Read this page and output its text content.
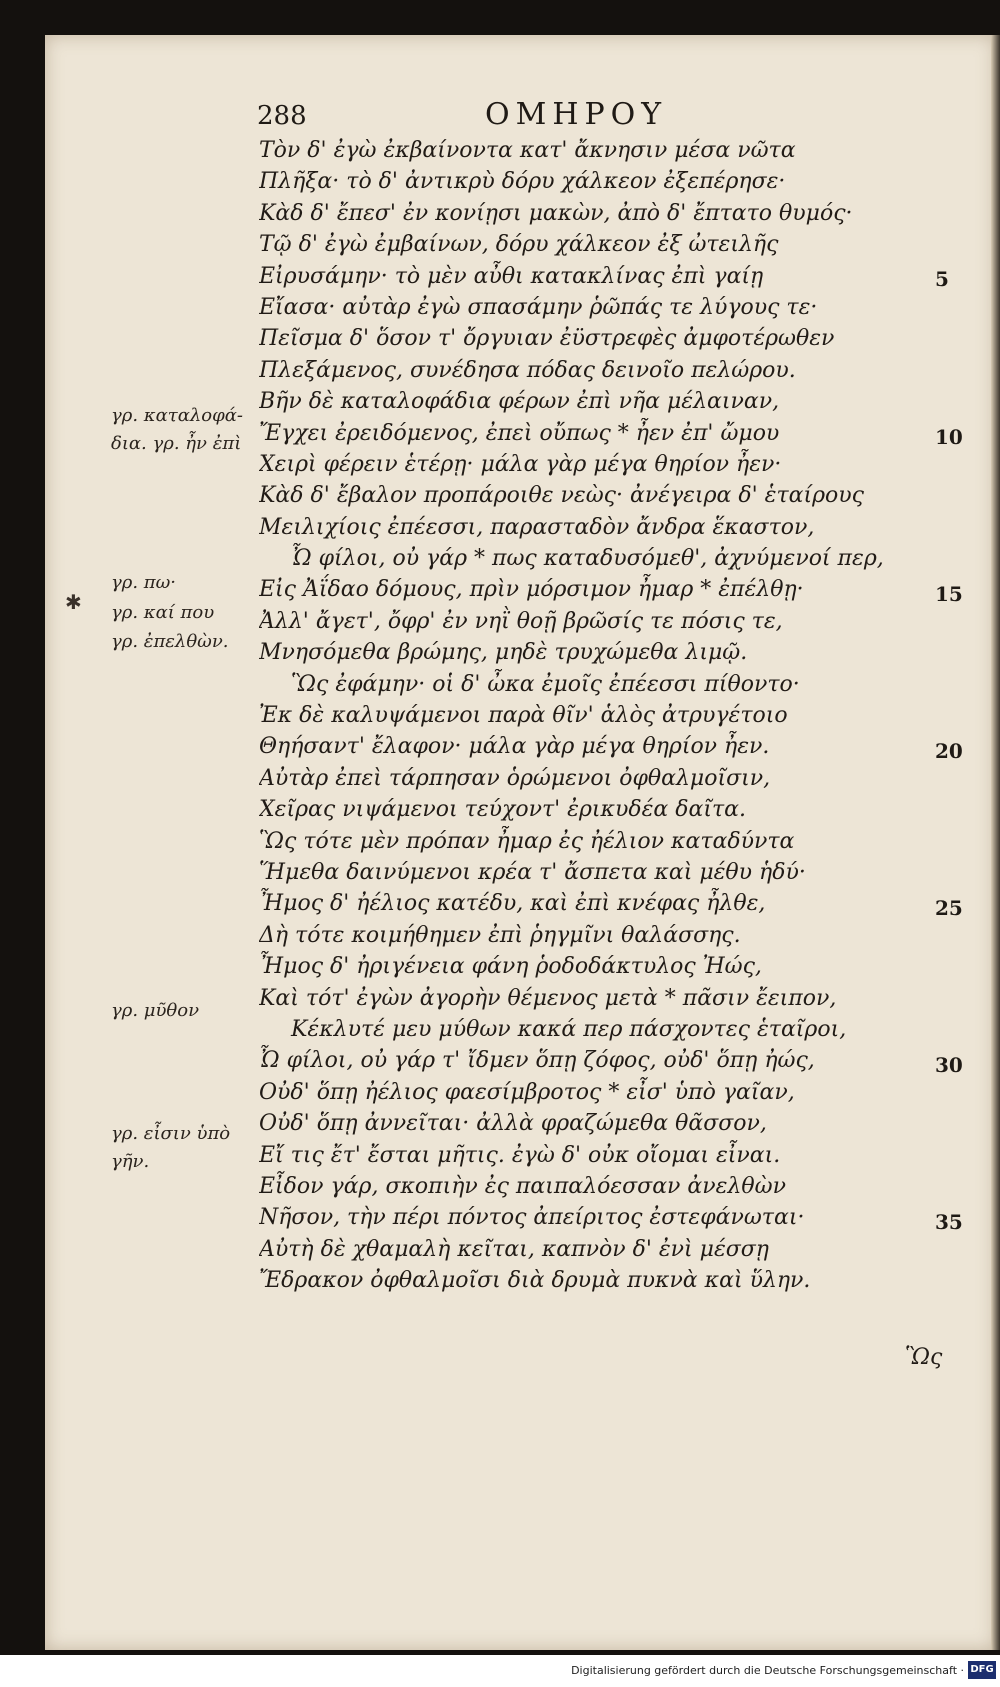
288	ΟΜΗΡΟΥ
✱
Τὸν δ' ἐγὼ ἐκβαίνοντα κατ' ἄκνησιν μέσα νῶτα
Πλῆξα· τὸ δ' ἀντικρὺ δόρυ χάλκεον ἐξεπέρησε·
Κὰδ δ' ἔπεσ' ἐν κονίῃσι μακὼν, ἀπὸ δ' ἔπτατο θυμός·
Τῷ δ' ἐγὼ ἐμβαίνων, δόρυ χάλκεον ἐξ ὠτειλῆς
Εἰρυσάμην· τὸ μὲν αὖθι κατακλίνας ἐπὶ γαίῃ
Εἴασα· αὐτὰρ ἐγὼ σπασάμην ῥῶπάς τε λύγους τε·
Πεῖσμα δ' ὅσον τ' ὄργυιαν ἐϋστρεφὲς ἀμφοτέρωθεν
Πλεξάμενος, συνέδησα πόδας δεινοῖο πελώρου.
Βῆν δὲ καταλοφάδια φέρων ἐπὶ νῆα μέλαιναν,
Ἔγχει ἐρειδόμενος, ἐπεὶ οὔπως * ἦεν ἐπ' ὤμου
Χειρὶ φέρειν ἑτέρῃ· μάλα γὰρ μέγα θηρίον ἦεν·
Κὰδ δ' ἔβαλον προπάροιθε νεὼς· ἀνέγειρα δ' ἑταίρους
Μειλιχίοις ἐπέεσσι, παρασταδὸν ἄνδρα ἕκαστον,
Ὦ φίλοι, οὐ γάρ * πως καταδυσόμεθ', ἀχνύμενοί περ,
Εἰς Ἀΐδαο δόμους, πρὶν μόρσιμον ἦμαρ * ἐπέλθῃ·
Ἀλλ' ἄγετ', ὄφρ' ἐν νηῒ θοῇ βρῶσίς τε πόσις τε,
Μνησόμεθα βρώμης, μηδὲ τρυχώμεθα λιμῷ.
Ὣς ἐφάμην· οἱ δ' ὦκα ἐμοῖς ἐπέεσσι πίθοντο·
Ἐκ δὲ καλυψάμενοι παρὰ θῖν' ἁλὸς ἀτρυγέτοιο
Θηήσαντ' ἔλαφον· μάλα γὰρ μέγα θηρίον ἦεν.
Αὐτὰρ ἐπεὶ τάρπησαν ὁρώμενοι ὀφθαλμοῖσιν,
Χεῖρας νιψάμενοι τεύχοντ' ἐρικυδέα δαῖτα.
Ὣς τότε μὲν πρόπαν ἦμαρ ἐς ἠέλιον καταδύντα
Ἥμεθα δαινύμενοι κρέα τ' ἄσπετα καὶ μέθυ ἡδύ·
Ἦμος δ' ἠέλιος κατέδυ, καὶ ἐπὶ κνέφας ἦλθε,
Δὴ τότε κοιμήθημεν ἐπὶ ῥηγμῖνι θαλάσσης.
Ἦμος δ' ἠριγένεια φάνη ῥοδοδάκτυλος Ἠώς,
Καὶ τότ' ἐγὼν ἀγορὴν θέμενος μετὰ * πᾶσιν ἔειπον,
Κέκλυτέ μευ μύθων κακά περ πάσχοντες ἑταῖροι,
Ὦ φίλοι, οὐ γάρ τ' ἴδμεν ὅπῃ ζόφος, οὐδ' ὅπῃ ἠώς,
Οὐδ' ὅπῃ ἠέλιος φαεσίμβροτος * εἶσ' ὑπὸ γαῖαν,
Οὐδ' ὅπῃ ἀννεῖται· ἀλλὰ φραζώμεθα θᾶσσον,
Εἴ τις ἔτ' ἔσται μῆτις. ἐγὼ δ' οὐκ οἴομαι εἶναι.
Εἶδον γάρ, σκοπιὴν ἐς παιπαλόεσσαν ἀνελθὼν
Νῆσον, τὴν πέρι πόντος ἀπείριτος ἐστεφάνωται·
Αὐτὴ δὲ χθαμαλὴ κεῖται, καπνὸν δ' ἐνὶ μέσσῃ
Ἔδρακον ὀφθαλμοῖσι διὰ δρυμὰ πυκνὰ καὶ ὕλην.
5
10
15
20
25
30
35
γρ. καταλοφά-
δια. γρ. ἦν ἐπὶ
γρ. πω·
γρ. καί που
γρ. ἐπελθὼν.
γρ. μῦθον
γρ. εἶσιν ὑπὸ
γῆν.
Ὣς
Digitalisierung gefördert durch die Deutsche Forschungsgemeinschaft · DFG
